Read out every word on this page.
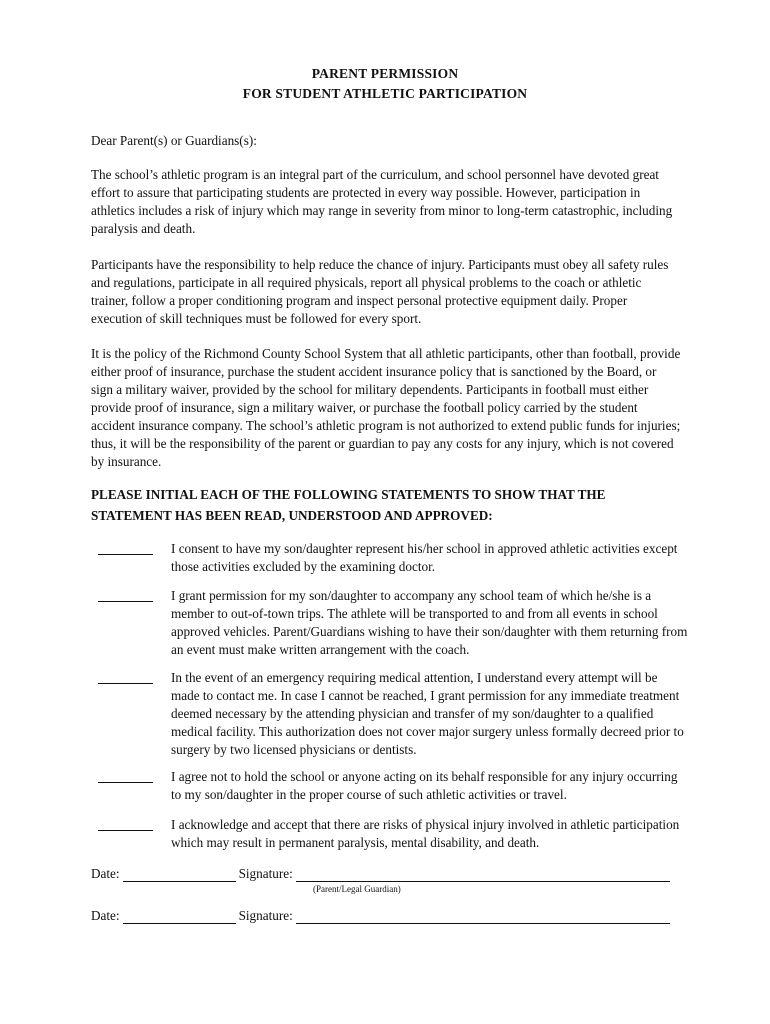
PARENT PERMISSION
FOR STUDENT ATHLETIC PARTICIPATION

Dear Parent(s) or Guardians(s):

The school’s athletic program is an integral part of the curriculum, and school personnel have devoted great effort to assure that participating students are protected in every way possible. However, participation in athletics includes a risk of injury which may range in severity from minor to long-term catastrophic, including paralysis and death.

Participants have the responsibility to help reduce the chance of injury. Participants must obey all safety rules and regulations, participate in all required physicals, report all physical problems to the coach or athletic trainer, follow a proper conditioning program and inspect personal protective equipment daily. Proper execution of skill techniques must be followed for every sport.

It is the policy of the Richmond County School System that all athletic participants, other than football, provide either proof of insurance, purchase the student accident insurance policy that is sanctioned by the Board, or sign a military waiver, provided by the school for military dependents. Participants in football must either provide proof of insurance, sign a military waiver, or purchase the football policy carried by the student accident insurance company. The school’s athletic program is not authorized to extend public funds for injuries; thus, it will be the responsibility of the parent or guardian to pay any costs for any injury, which is not covered by insurance.

PLEASE INITIAL EACH OF THE FOLLOWING STATEMENTS TO SHOW THAT THE STATEMENT HAS BEEN READ, UNDERSTOOD AND APPROVED:
I consent to have my son/daughter represent his/her school in approved athletic activities except those activities excluded by the examining doctor.
I grant permission for my son/daughter to accompany any school team of which he/she is a member to out-of-town trips. The athlete will be transported to and from all events in school approved vehicles. Parent/Guardians wishing to have their son/daughter with them returning from an event must make written arrangement with the coach.
In the event of an emergency requiring medical attention, I understand every attempt will be made to contact me. In case I cannot be reached, I grant permission for any immediate treatment deemed necessary by the attending physician and transfer of my son/daughter to a qualified medical facility. This authorization does not cover major surgery unless formally decreed prior to surgery by two licensed physicians or dentists.
I agree not to hold the school or anyone acting on its behalf responsible for any injury occurring to my son/daughter in the proper course of such athletic activities or travel.
I acknowledge and accept that there are risks of physical injury involved in athletic participation which may result in permanent paralysis, mental disability, and death.
Date:	Signature:
(Parent/Legal Guardian)
Date:	Signature:
